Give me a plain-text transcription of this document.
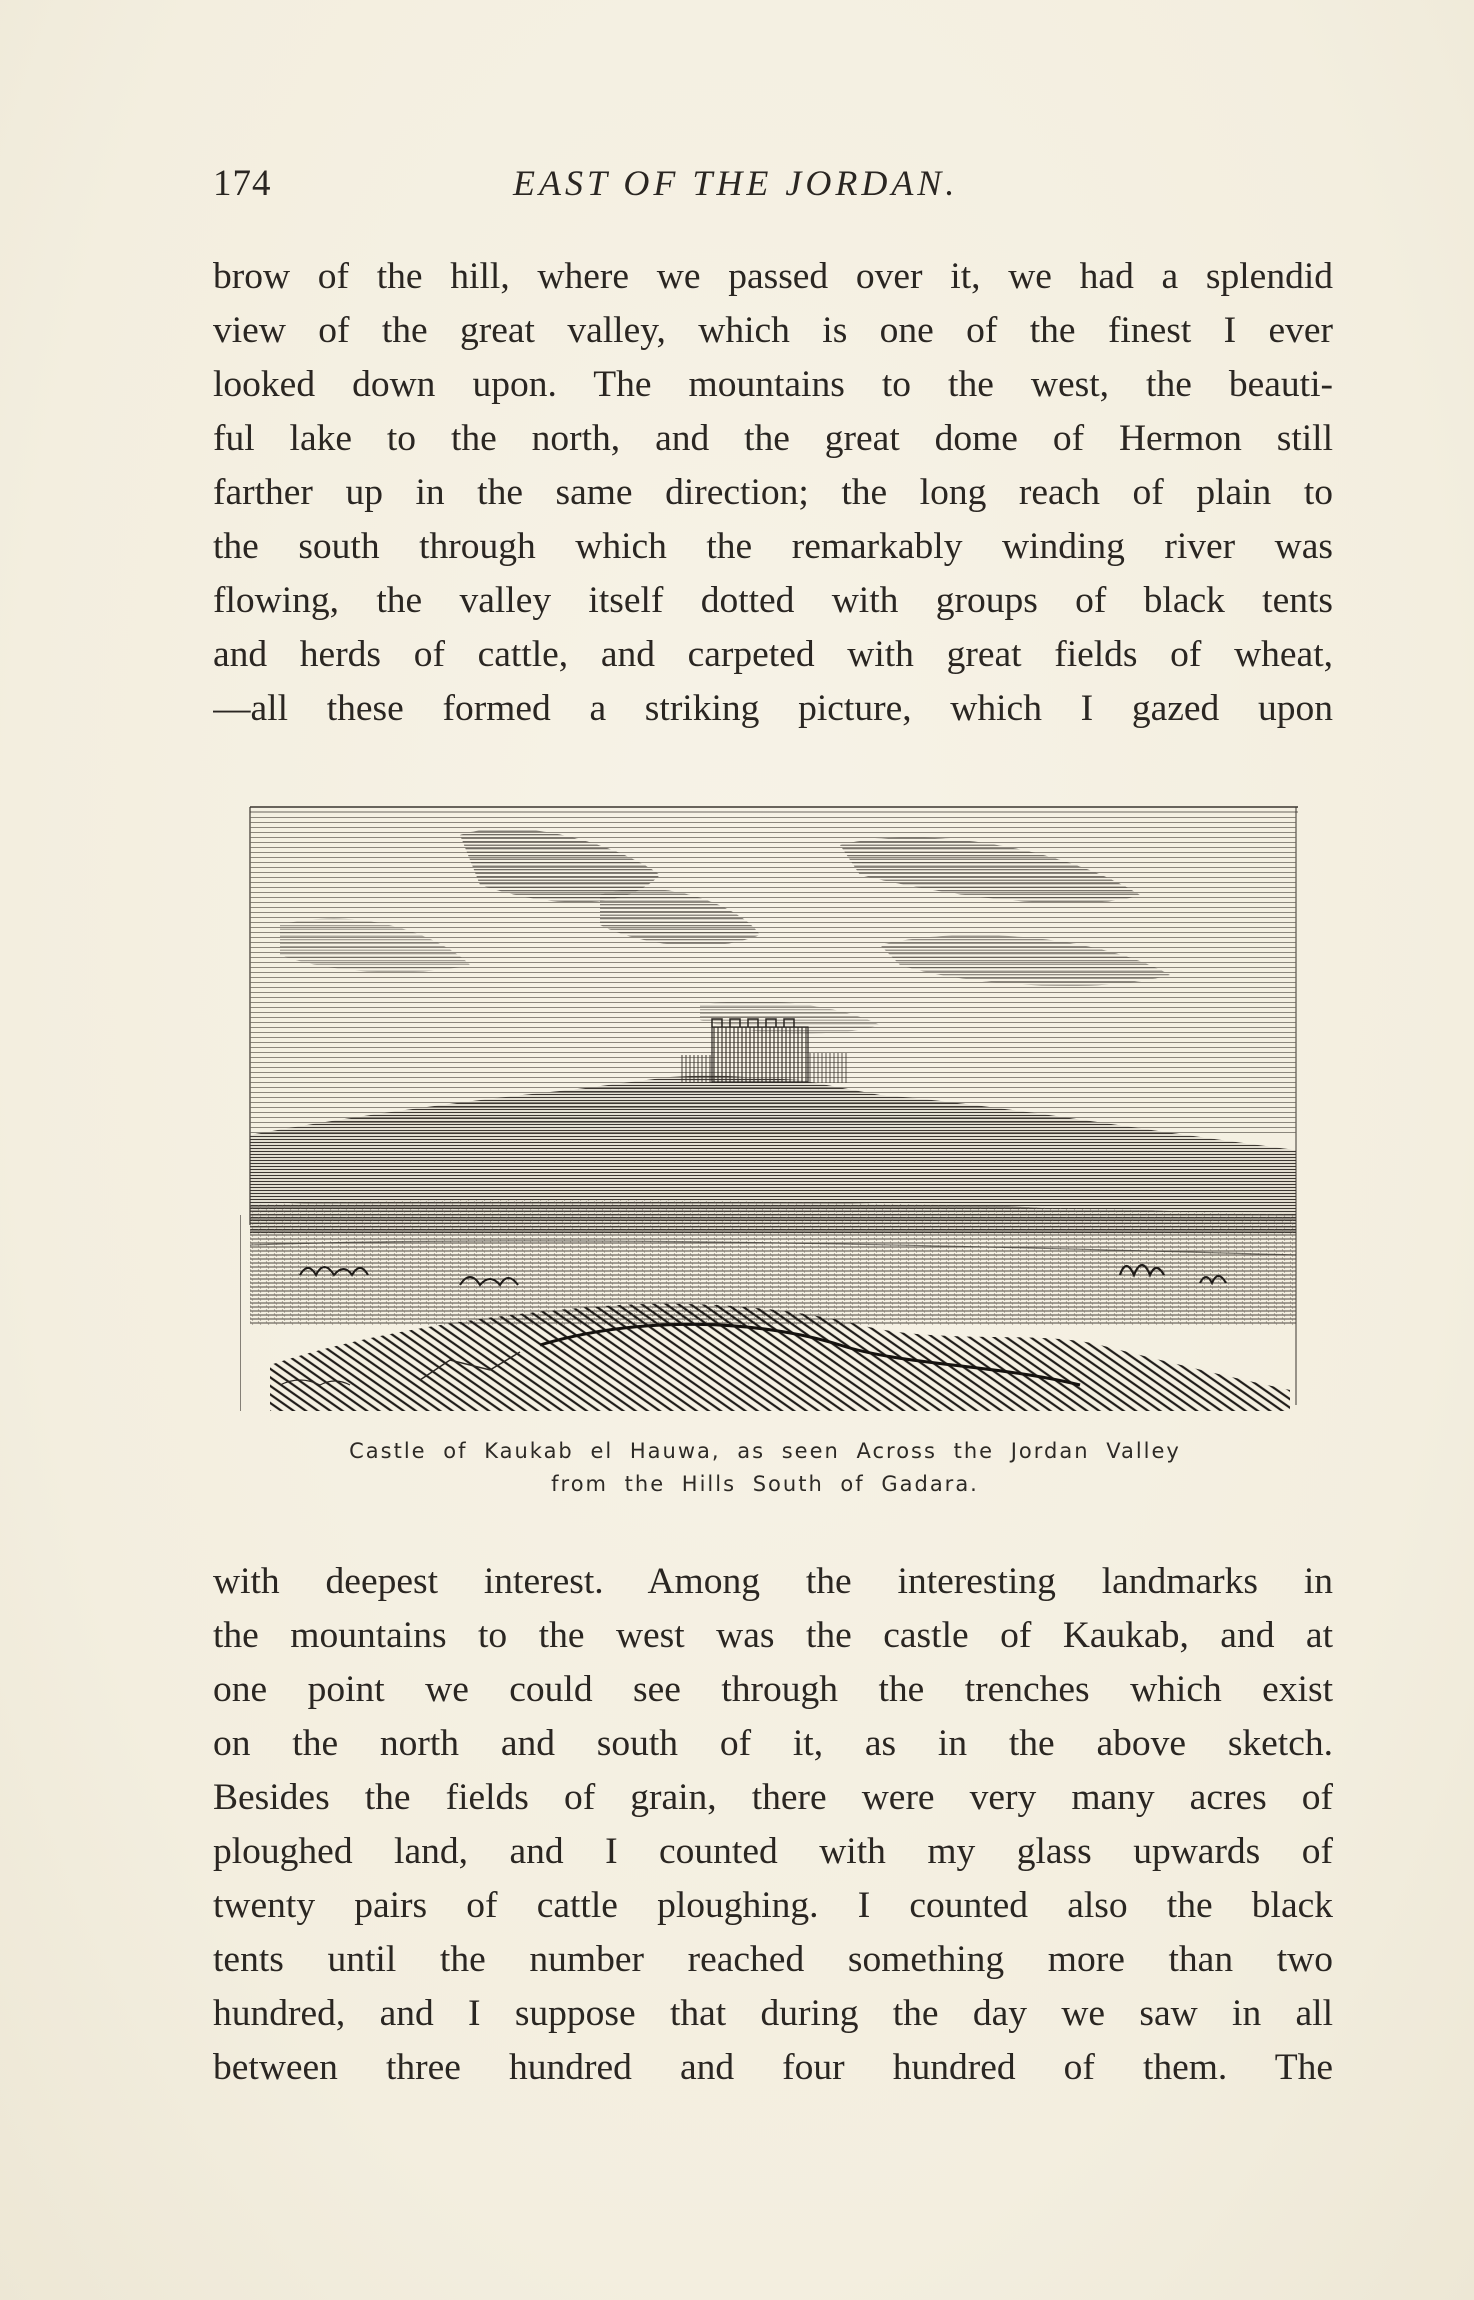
174	EAST OF THE JORDAN.
brow of the hill, where we passed over it, we had a splendid
view of the great valley, which is one of the finest I ever
looked down upon. The mountains to the west, the beauti-
ful lake to the north, and the great dome of Hermon still
farther up in the same direction; the long reach of plain to
the south through which the remarkably winding river was
flowing, the valley itself dotted with groups of black tents
and herds of cattle, and carpeted with great fields of wheat,
—all these formed a striking picture, which I gazed upon
Castle of Kaukab el Hauwa, as seen Across the Jordan Valley
from the Hills South of Gadara.
with deepest interest. Among the interesting landmarks in
the mountains to the west was the castle of Kaukab, and at
one point we could see through the trenches which exist
on the north and south of it, as in the above sketch.
Besides the fields of grain, there were very many acres of
ploughed land, and I counted with my glass upwards of
twenty pairs of cattle ploughing. I counted also the black
tents until the number reached something more than two
hundred, and I suppose that during the day we saw in all
between three hundred and four hundred of them. The
